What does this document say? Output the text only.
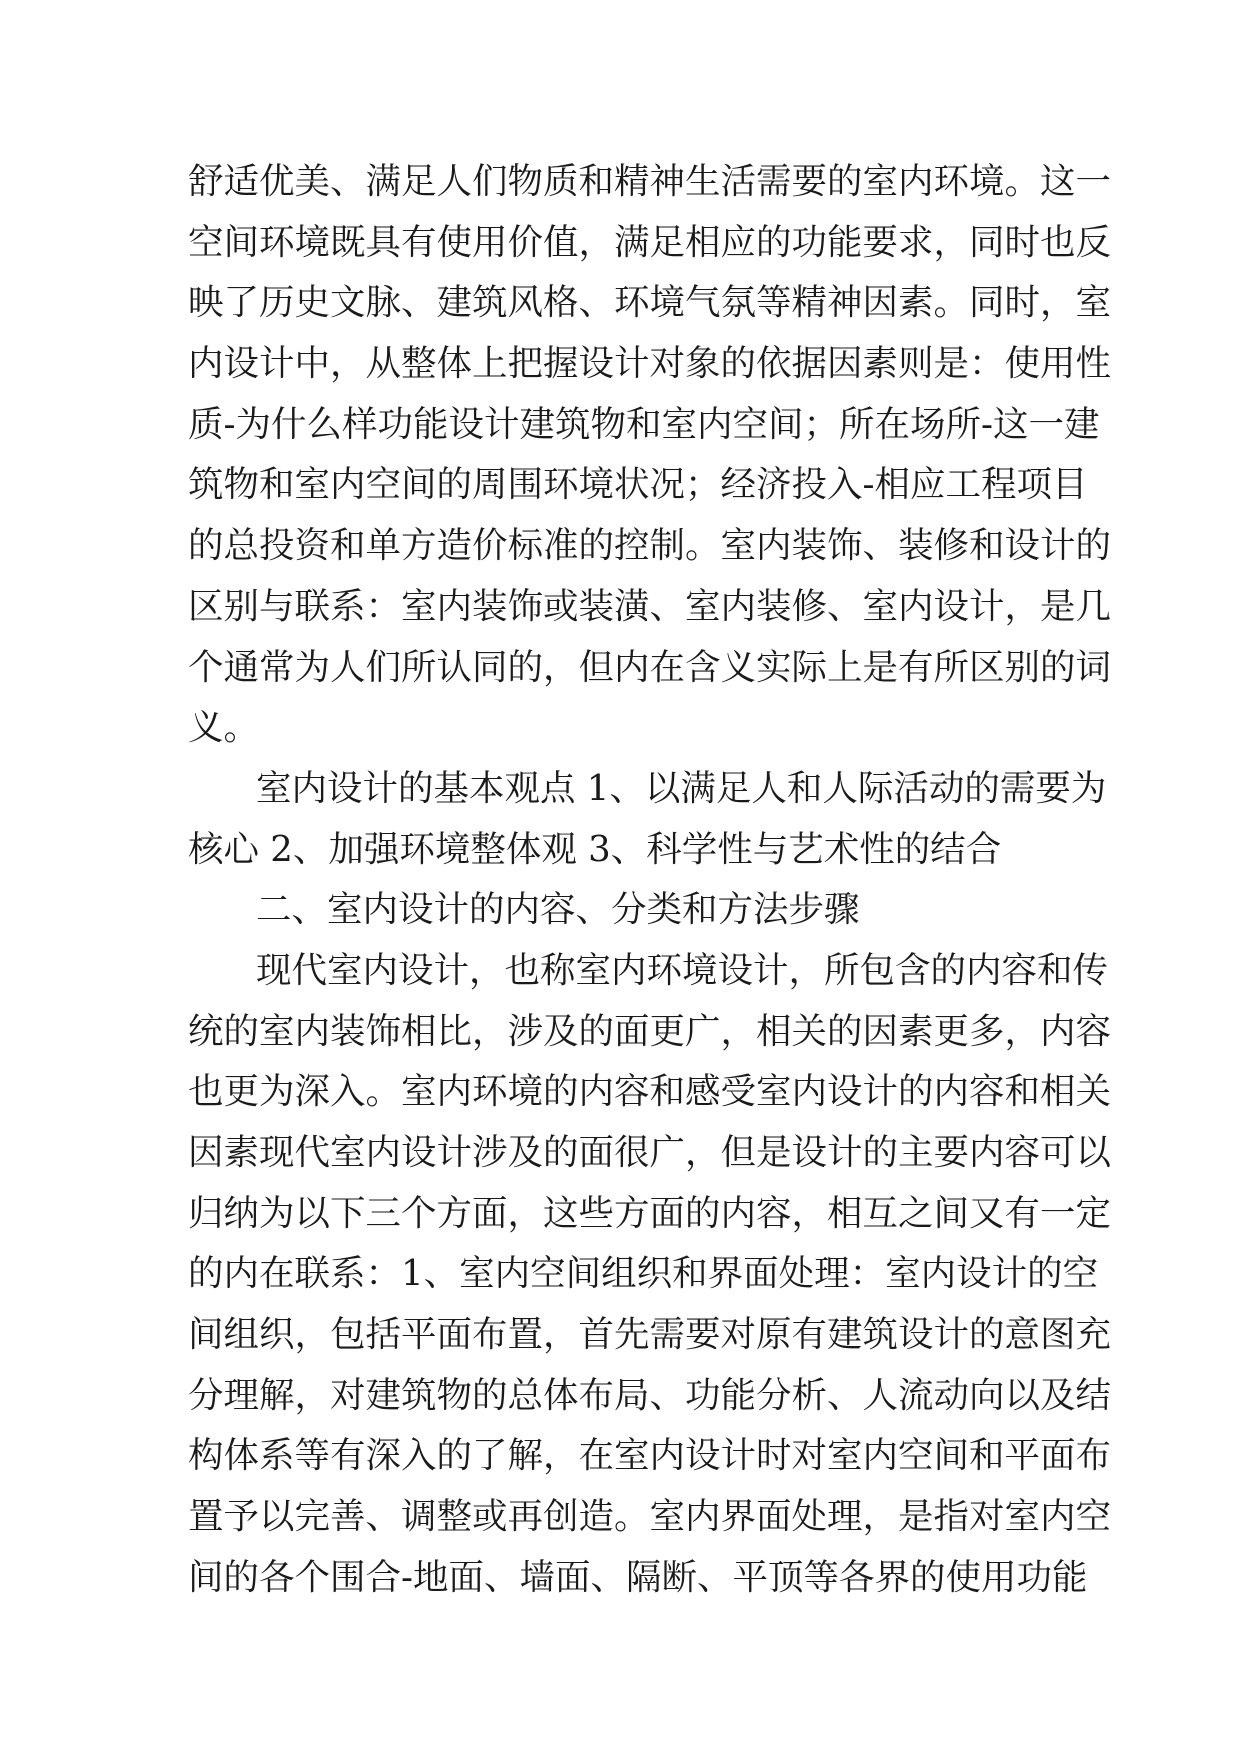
舒适优美、满足人们物质和精神生活需要的室内环境。这一
空间环境既具有使用价值，满足相应的功能要求，同时也反
映了历史文脉、建筑风格、环境气氛等精神因素。同时，室
内设计中，从整体上把握设计对象的依据因素则是：使用性
质-为什么样功能设计建筑物和室内空间；所在场所-这一建
筑物和室内空间的周围环境状况；经济投入-相应工程项目
的总投资和单方造价标准的控制。室内装饰、装修和设计的
区别与联系：室内装饰或装潢、室内装修、室内设计，是几
个通常为人们所认同的，但内在含义实际上是有所区别的词
义。
室内设计的基本观点 1、以满足人和人际活动的需要为
核心 2、加强环境整体观 3、科学性与艺术性的结合
二、室内设计的内容、分类和方法步骤
现代室内设计，也称室内环境设计，所包含的内容和传
统的室内装饰相比，涉及的面更广，相关的因素更多，内容
也更为深入。室内环境的内容和感受室内设计的内容和相关
因素现代室内设计涉及的面很广，但是设计的主要内容可以
归纳为以下三个方面，这些方面的内容，相互之间又有一定
的内在联系：1、室内空间组织和界面处理：室内设计的空
间组织，包括平面布置，首先需要对原有建筑设计的意图充
分理解，对建筑物的总体布局、功能分析、人流动向以及结
构体系等有深入的了解，在室内设计时对室内空间和平面布
置予以完善、调整或再创造。室内界面处理，是指对室内空
间的各个围合-地面、墙面、隔断、平顶等各界的使用功能
